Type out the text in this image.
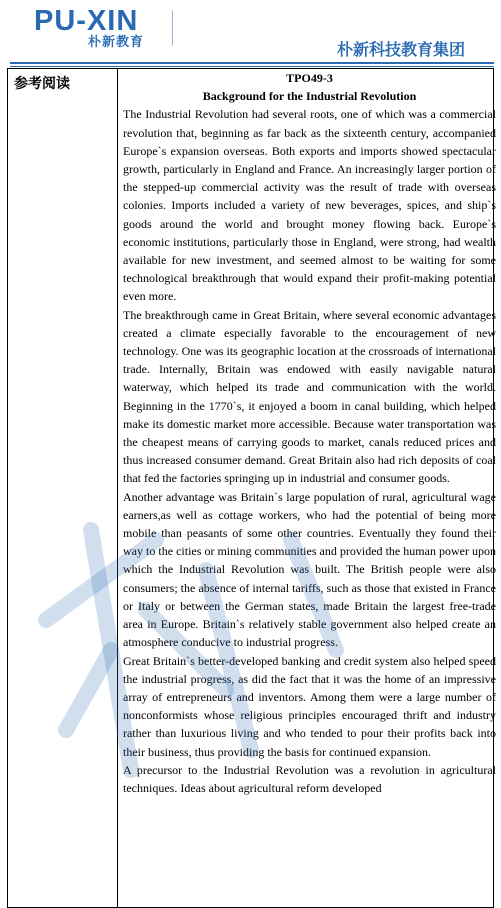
PU-XIN
朴新教育	朴新科技教育集团
参考阅读	TPO49-3
Background for the Industrial Revolution

The Industrial Revolution had several roots, one of which was a commercial revolution that, beginning as far back as the sixteenth century, accompanied Europe`s expansion overseas. Both exports and imports showed spectacular growth, particularly in England and France. An increasingly larger portion of the stepped-up commercial activity was the result of trade with overseas colonies. Imports included a variety of new beverages, spices, and ship`s goods around the world and brought money flowing back. Europe`s economic institutions, particularly those in England, were strong, had wealth available for new investment, and seemed almost to be waiting for some technological breakthrough that would expand their profit-making potential even more.

The breakthrough came in Great Britain, where several economic advantages created a climate especially favorable to the encouragement of new technology. One was its geographic location at the crossroads of international trade. Internally, Britain was endowed with easily navigable natural waterway, which helped its trade and communication with the world. Beginning in the 1770`s, it enjoyed a boom in canal building, which helped make its domestic market more accessible. Because water transportation was the cheapest means of carrying goods to market, canals reduced prices and thus increased consumer demand. Great Britain also had rich deposits of coal that fed the factories springing up in industrial and consumer goods.

Another advantage was Britain`s large population of rural, agricultural wage earners,as well as cottage workers, who had the potential of being more mobile than peasants of some other countries. Eventually they found their way to the cities or mining communities and provided the human power upon which the Industrial Revolution was built. The British people were also consumers; the absence of internal tariffs, such as those that existed in France or Italy or between the German states, made Britain the largest free-trade area in Europe. Britain`s relatively stable government also helped create an atmosphere conducive to industrial progress.

Great Britain`s better-developed banking and credit system also helped speed the industrial progress, as did the fact that it was the home of an impressive array of entrepreneurs and inventors. Among them were a large number of nonconformists whose religious principles encouraged thrift and industry rather than luxurious living and who tended to pour their profits back into their business, thus providing the basis for continued expansion.

A precursor to the Industrial Revolution was a revolution in agricultural techniques. Ideas about agricultural reform developed
